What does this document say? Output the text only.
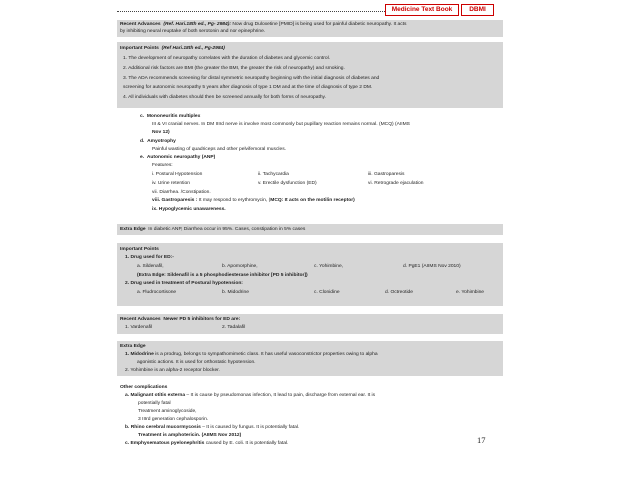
Medicine Text Book	DBMI
Recent Advances (Ref. Hari.18th ed., Pg- 2984): Now drug Duloxetine [PMID] is being used for painful diabetic neuropathy. It acts
by inhibiting neural reuptake of both serotonin and nor epinephrine.
Important Points (Ref Hari.18th ed., Pg-2984)
1. The development of neuropathy correlates with the duration of diabetes and glycemic control.
2. Additional risk factors are BMI (the greater the BMI, the greater the risk of neuropathy) and smoking.
3. The ADA recommends screening for distal symmetric neuropathy beginning with the initial diagnosis of diabetes and
screening for autonomic neuropathy 5 years after diagnosis of type 1 DM and at the time of diagnosis of type 2 DM.
4. All individuals with diabetes should then be screened annually for both forms of neuropathy.
c. Mononeuritis multiplex
III & VI cranial nerves. In DM IIIrd nerve is involve most commonly but pupillary reaction remains normal. (MCQ) (AIIMS
Nov 12)
d. Amyotrophy
Painful wasting of quadriceps and other pelvifemoral muscles.
e. Autonomic neuropathy (ANP)
Features:
i. Postural Hypotension	ii. Tachycardia	iii. Gastroparesis
iv. Urine retention	v. Erectile dysfunction (ED)	vi. Retrograde ejaculation
vii. Diarrhea. /Constipation.
viii. Gastroparesis : It may respond to erythromycin, (MCQ: It acts on the motilin receptor)
ix. Hypoglycemic unawareness.
Extra Edge In diabetic ANP, Diarrhea occur in 95%. Cases, constipation in 5% cases
Important Points
1. Drug used for ED:-
a. Sildenafil,	b. Apomorphine,	c. Yohimbine,	d. PgE1 (AIIMS Nov 2010)
(Extra Edge: Sildenafil is a 5 phosphodiesterase inhibitor [PD 5 inhibitor])
2. Drug used in treatment of Postural hypotension:
a. Fludrocortisone	b. Midodrine	c. Clonidine	d. Octreotide	e. Yohimbine
Recent Advances Newer PD 5 inhibitors for ED are:
1. Vardenafil	2. Tadalafil
Extra Edge
1. Midodrine is a prodrug, belongs to sympathomimetic class. It has useful vasoconstrictor properties owing to alpha
agonistic actions. It is used for orthostatic hypotension.
2. Yohimbine is an alpha-2 receptor blocker.
Other complications
a. Malignant otitis externa – It is cause by pseudomonas infection, It lead to pain, discharge from external ear. It is
potentially fatal
Treatment aminoglycoside,
3 IIIrd generation cephalosporin.
b. Rhino cerebral mucormycosis – It is caused by fungus. It is potentially fatal.
Treatment is amphotericin. (AIIMS Nov 2012)
c. Emphysematous pyelonephritis caused by E. coli. It is potentially fatal.	17
